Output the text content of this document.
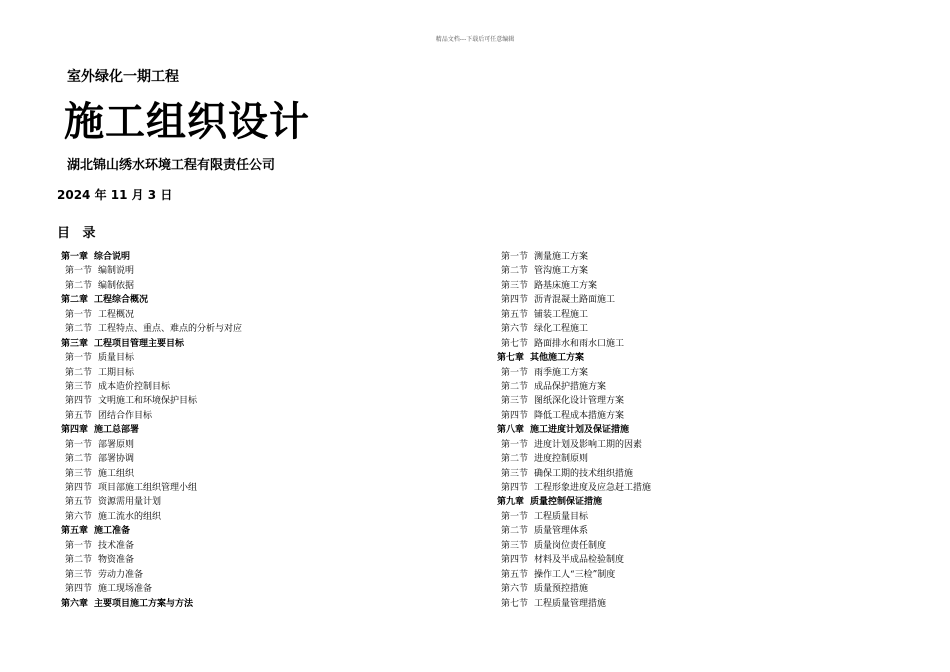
精品文档---下载后可任意编辑
室外绿化一期工程
施工组织设计
湖北锦山绣水环境工程有限责任公司
2024 年 11 月 3 日
目 录
第一章 综合说明
第一节 编制说明
第二节 编制依据
第二章 工程综合概况
第一节 工程概况
第二节 工程特点、重点、难点的分析与对应
第三章 工程项目管理主要目标
第一节 质量目标
第二节 工期目标
第三节 成本造价控制目标
第四节 文明施工和环境保护目标
第五节 团结合作目标
第四章 施工总部署
第一节 部署原则
第二节 部署协调
第三节 施工组织
第四节 项目部施工组织管理小组
第五节 资源需用量计划
第六节 施工流水的组织
第五章 施工准备
第一节 技术准备
第二节 物资准备
第三节 劳动力准备
第四节 施工现场准备
第六章 主要项目施工方案与方法
第一节 测量施工方案
第二节 管沟施工方案
第三节 路基床施工方案
第四节 沥青混凝土路面施工
第五节 铺装工程施工
第六节 绿化工程施工
第七节 路面排水和雨水口施工
第七章 其他施工方案
第一节 雨季施工方案
第二节 成品保护措施方案
第三节 图纸深化设计管理方案
第四节 降低工程成本措施方案
第八章 施工进度计划及保证措施
第一节 进度计划及影响工期的因素
第二节 进度控制原则
第三节 确保工期的技术组织措施
第四节 工程形象进度及应急赶工措施
第九章 质量控制保证措施
第一节 工程质量目标
第二节 质量管理体系
第三节 质量岗位责任制度
第四节 材料及半成品检验制度
第五节 操作工人“三检”制度
第六节 质量预控措施
第七节 工程质量管理措施
